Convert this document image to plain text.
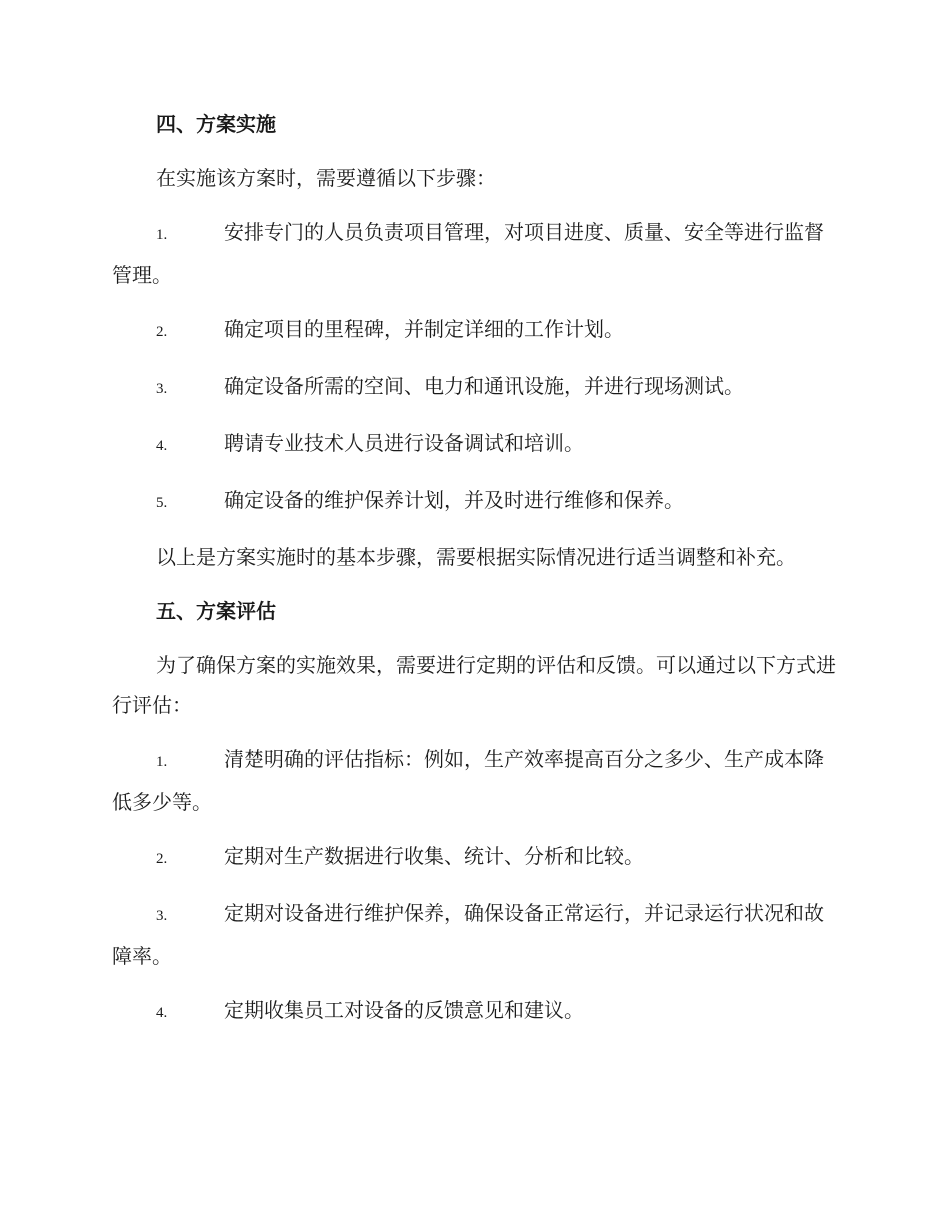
四、方案实施
在实施该方案时，需要遵循以下步骤：
1.	安排专门的人员负责项目管理，对项目进度、质量、安全等进行监督管理。
2.	确定项目的里程碑，并制定详细的工作计划。
3.	确定设备所需的空间、电力和通讯设施，并进行现场测试。
4.	聘请专业技术人员进行设备调试和培训。
5.	确定设备的维护保养计划，并及时进行维修和保养。
以上是方案实施时的基本步骤，需要根据实际情况进行适当调整和补充。
五、方案评估
为了确保方案的实施效果，需要进行定期的评估和反馈。可以通过以下方式进行评估：
1.	清楚明确的评估指标：例如，生产效率提高百分之多少、生产成本降低多少等。
2.	定期对生产数据进行收集、统计、分析和比较。
3.	定期对设备进行维护保养，确保设备正常运行，并记录运行状况和故障率。
4.	定期收集员工对设备的反馈意见和建议。
